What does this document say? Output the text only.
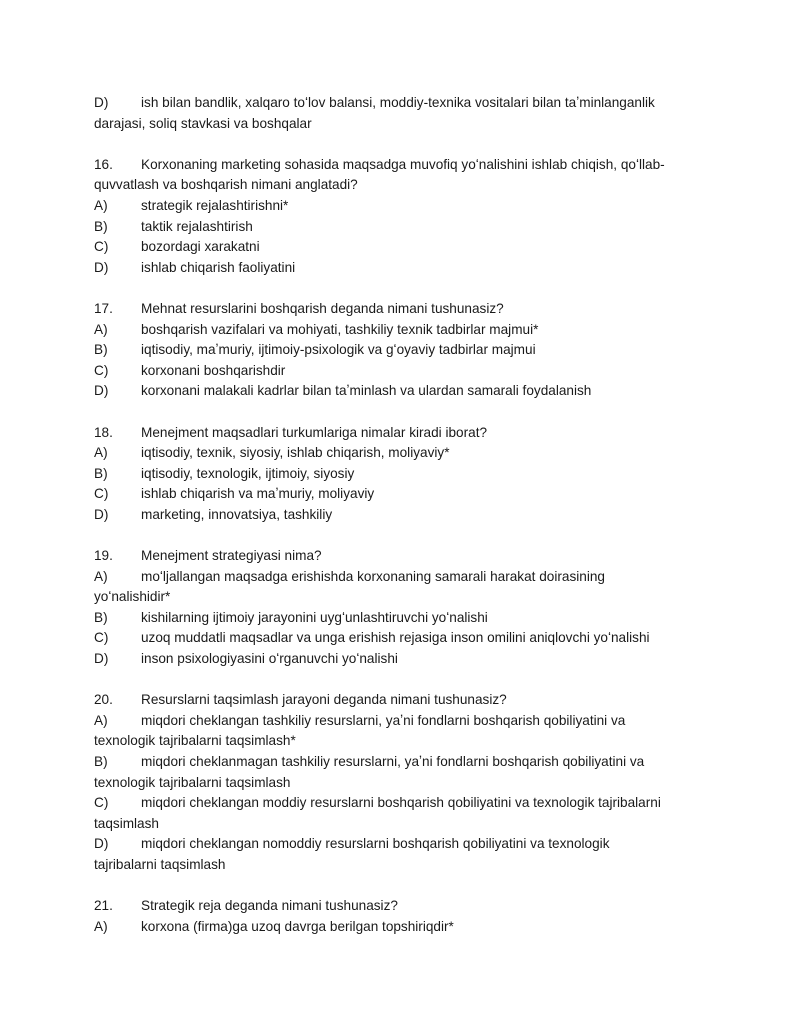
D) ish bilan bandlik, xalqaro toʻlov balansi, moddiy-texnika vositalari bilan taʼminlanganlik
darajasi, soliq stavkasi va boshqalar
16. Korxonaning marketing sohasida maqsadga muvofiq yoʻnalishini ishlab chiqish, qoʻllab-
quvvatlash va boshqarish nimani anglatadi?
A) strategik rejalashtirishni*
B) taktik rejalashtirish
C) bozordagi xarakatni
D) ishlab chiqarish faoliyatini
17. Mehnat resurslarini boshqarish deganda nimani tushunasiz?
A) boshqarish vazifalari va mohiyati, tashkiliy texnik tadbirlar majmui*
B) iqtisodiy, maʼmuriy, ijtimoiy-psixologik va gʻoyaviy tadbirlar majmui
C) korxonani boshqarishdir
D) korxonani malakali kadrlar bilan taʼminlash va ulardan samarali foydalanish
18. Menejment maqsadlari turkumlariga nimalar kiradi iborat?
A) iqtisodiy, texnik, siyosiy, ishlab chiqarish, moliyaviy*
B) iqtisodiy, texnologik, ijtimoiy, siyosiy
C) ishlab chiqarish va maʼmuriy, moliyaviy
D) marketing, innovatsiya, tashkiliy
19. Menejment strategiyasi nima?
A) moʻljallangan maqsadga erishishda korxonaning samarali harakat doirasining
yoʻnalishidir*
B) kishilarning ijtimoiy jarayonini uygʻunlashtiruvchi yoʻnalishi
C) uzoq muddatli maqsadlar va unga erishish rejasiga inson omilini aniqlovchi yoʻnalishi
D) inson psixologiyasini oʻrganuvchi yoʻnalishi
20. Resurslarni taqsimlash jarayoni deganda nimani tushunasiz?
A) miqdori cheklangan tashkiliy resurslarni, yaʼni fondlarni boshqarish qobiliyatini va
texnologik tajribalarni taqsimlash*
B) miqdori cheklanmagan tashkiliy resurslarni, yaʼni fondlarni boshqarish qobiliyatini va
texnologik tajribalarni taqsimlash
C) miqdori cheklangan moddiy resurslarni boshqarish qobiliyatini va texnologik tajribalarni
taqsimlash
D) miqdori cheklangan nomoddiy resurslarni boshqarish qobiliyatini va texnologik
tajribalarni taqsimlash
21. Strategik reja deganda nimani tushunasiz?
A) korxona (firma)ga uzoq davrga berilgan topshiriqdir*
